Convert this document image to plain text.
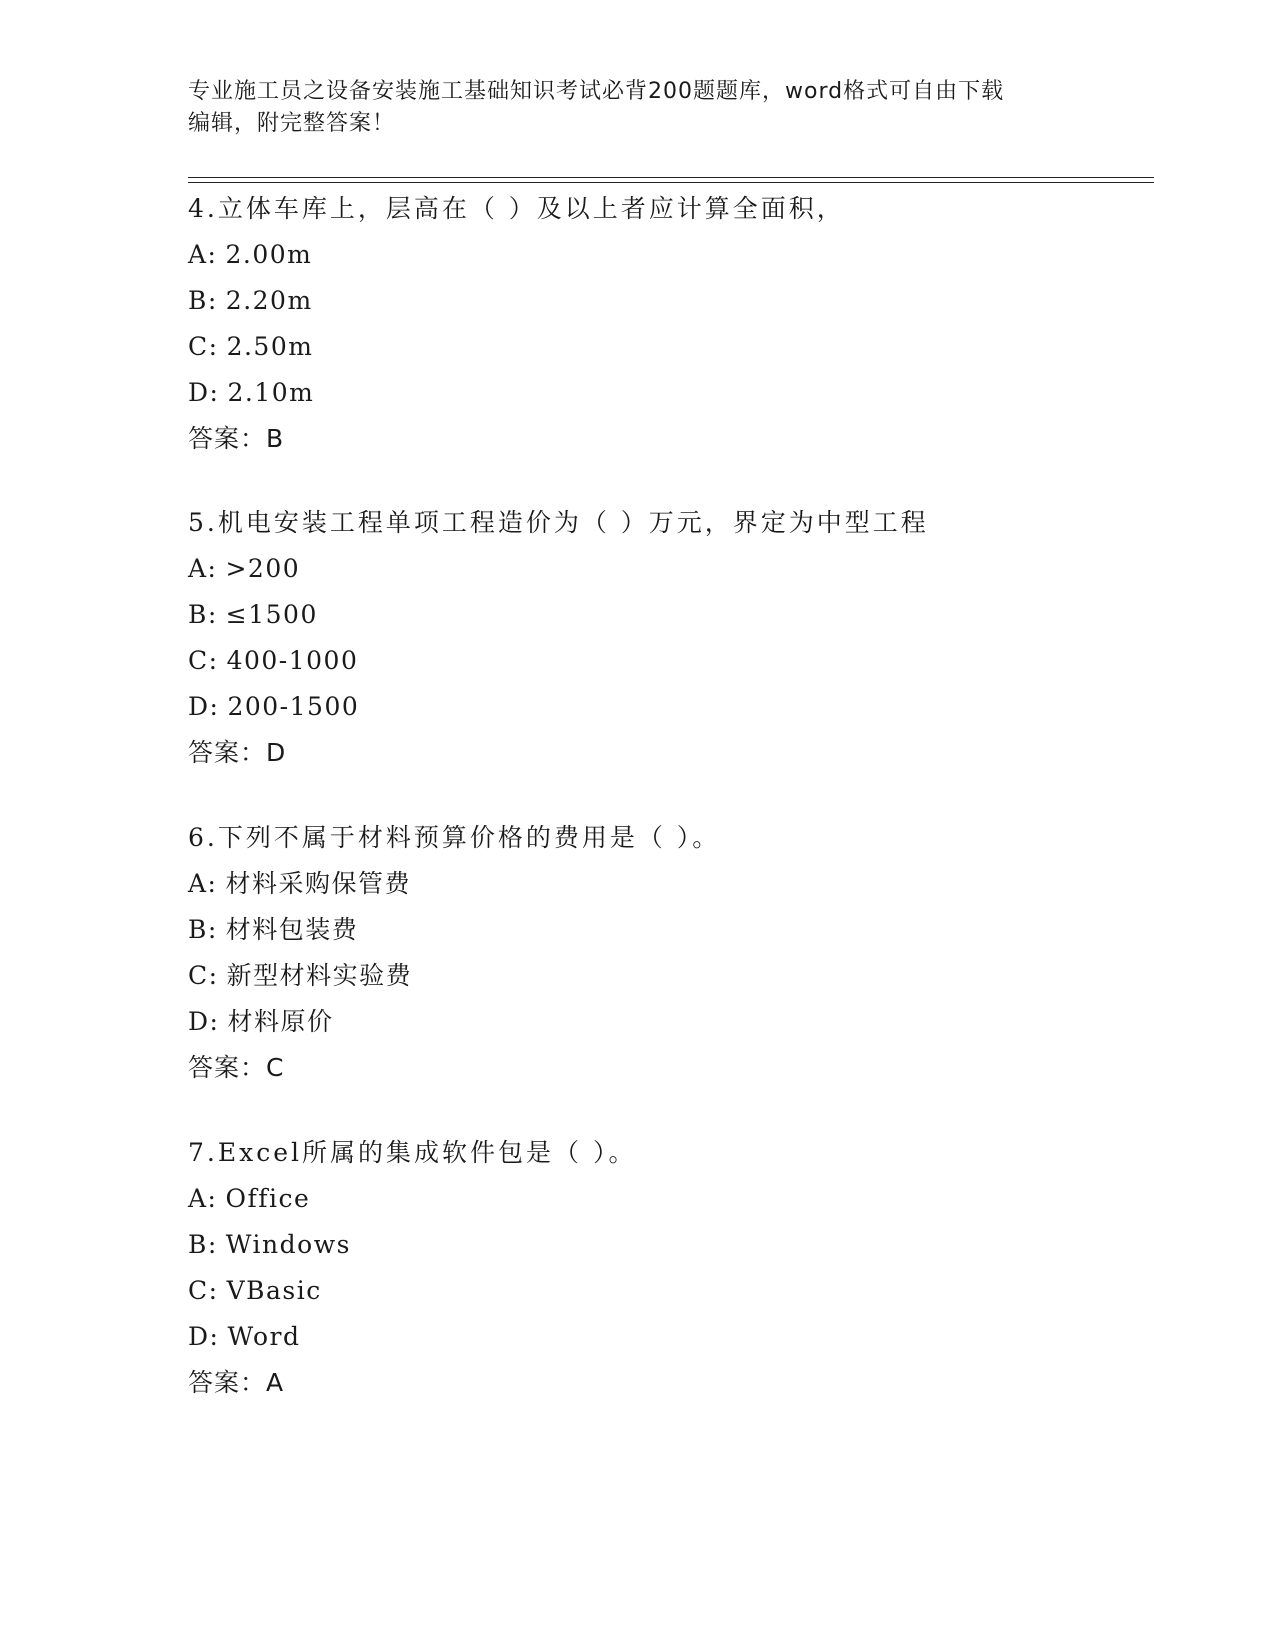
专业施工员之设备安装施工基础知识考试必背200题题库，word格式可自由下载
编辑，附完整答案！
4.立体车库上，层高在（ ）及以上者应计算全面积，
A: 2.00m
B: 2.20m
C: 2.50m
D: 2.10m
答案：B
5.机电安装工程单项工程造价为（ ）万元，界定为中型工程
A: >200
B: ≤1500
C: 400-1000
D: 200-1500
答案：D
6.下列不属于材料预算价格的费用是（ ）。
A: 材料采购保管费
B: 材料包装费
C: 新型材料实验费
D: 材料原价
答案：C
7.Excel所属的集成软件包是（ ）。
A: Office
B: Windows
C: VBasic
D: Word
答案：A
